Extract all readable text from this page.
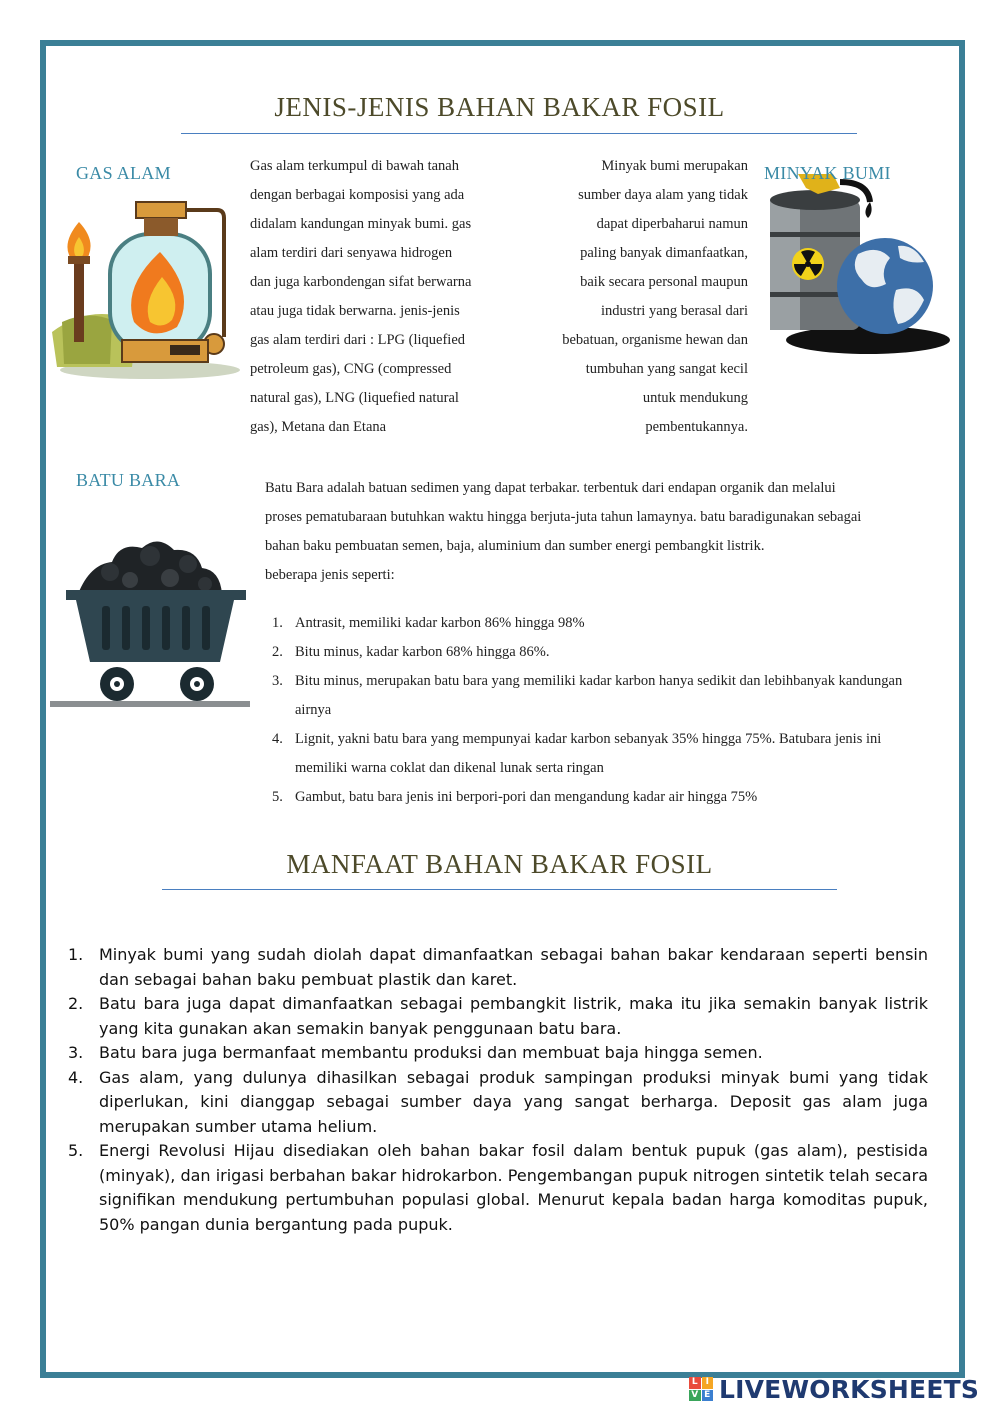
JENIS-JENIS BAHAN BAKAR FOSIL
GAS ALAM	Gas alam terkumpul di bawah tanah
dengan berbagai komposisi yang ada
didalam kandungan minyak bumi. gas
alam terdiri dari senyawa hidrogen
dan juga karbondengan sifat berwarna
atau juga tidak berwarna. jenis-jenis
gas alam terdiri dari : LPG (liquefied
petroleum gas), CNG (compressed
natural gas), LNG (liquefied natural
gas), Metana dan Etana
Minyak bumi merupakan
sumber daya alam yang tidak
dapat diperbaharui namun
paling banyak dimanfaatkan,
baik secara personal maupun
industri yang berasal dari
bebatuan, organisme hewan dan
tumbuhan yang sangat kecil
untuk mendukung
pembentukannya.
MINYAK BUMI
BATU BARA	Batu Bara adalah batuan sedimen yang dapat terbakar. terbentuk dari endapan organik dan melalui
proses pematubaraan butuhkan waktu hingga berjuta-juta tahun lamaynya. batu baradigunakan sebagai
bahan baku pembuatan semen, baja, aluminium dan sumber energi pembangkit listrik.
beberapa jenis seperti:
1. Antrasit, memiliki kadar karbon 86% hingga 98%
2. Bitu minus, kadar karbon 68% hingga 86%.
3. Bitu minus, merupakan batu bara yang memiliki kadar karbon hanya sedikit dan lebihbanyak kandungan airnya
4. Lignit, yakni batu bara yang mempunyai kadar karbon sebanyak 35% hingga 75%. Batubara jenis ini memiliki warna coklat dan dikenal lunak serta ringan
5. Gambut, batu bara jenis ini berpori-pori dan mengandung kadar air hingga 75%
MANFAAT BAHAN BAKAR FOSIL
1. Minyak bumi yang sudah diolah dapat dimanfaatkan sebagai bahan bakar kendaraan seperti bensin dan sebagai bahan baku pembuat plastik dan karet.
2. Batu bara juga dapat dimanfaatkan sebagai pembangkit listrik, maka itu jika semakin banyak listrik yang kita gunakan akan semakin banyak penggunaan batu bara.
3. Batu bara juga bermanfaat membantu produksi dan membuat baja hingga semen.
4. Gas alam, yang dulunya dihasilkan sebagai produk sampingan produksi minyak bumi yang tidak diperlukan, kini dianggap sebagai sumber daya yang sangat berharga. Deposit gas alam juga merupakan sumber utama helium.
5. Energi Revolusi Hijau disediakan oleh bahan bakar fosil dalam bentuk pupuk (gas alam), pestisida (minyak), dan irigasi berbahan bakar hidrokarbon. Pengembangan pupuk nitrogen sintetik telah secara signifikan mendukung pertumbuhan populasi global. Menurut kepala badan harga komoditas pupuk, 50% pangan dunia bergantung pada pupuk.
L I
V E LIVEWORKSHEETS
